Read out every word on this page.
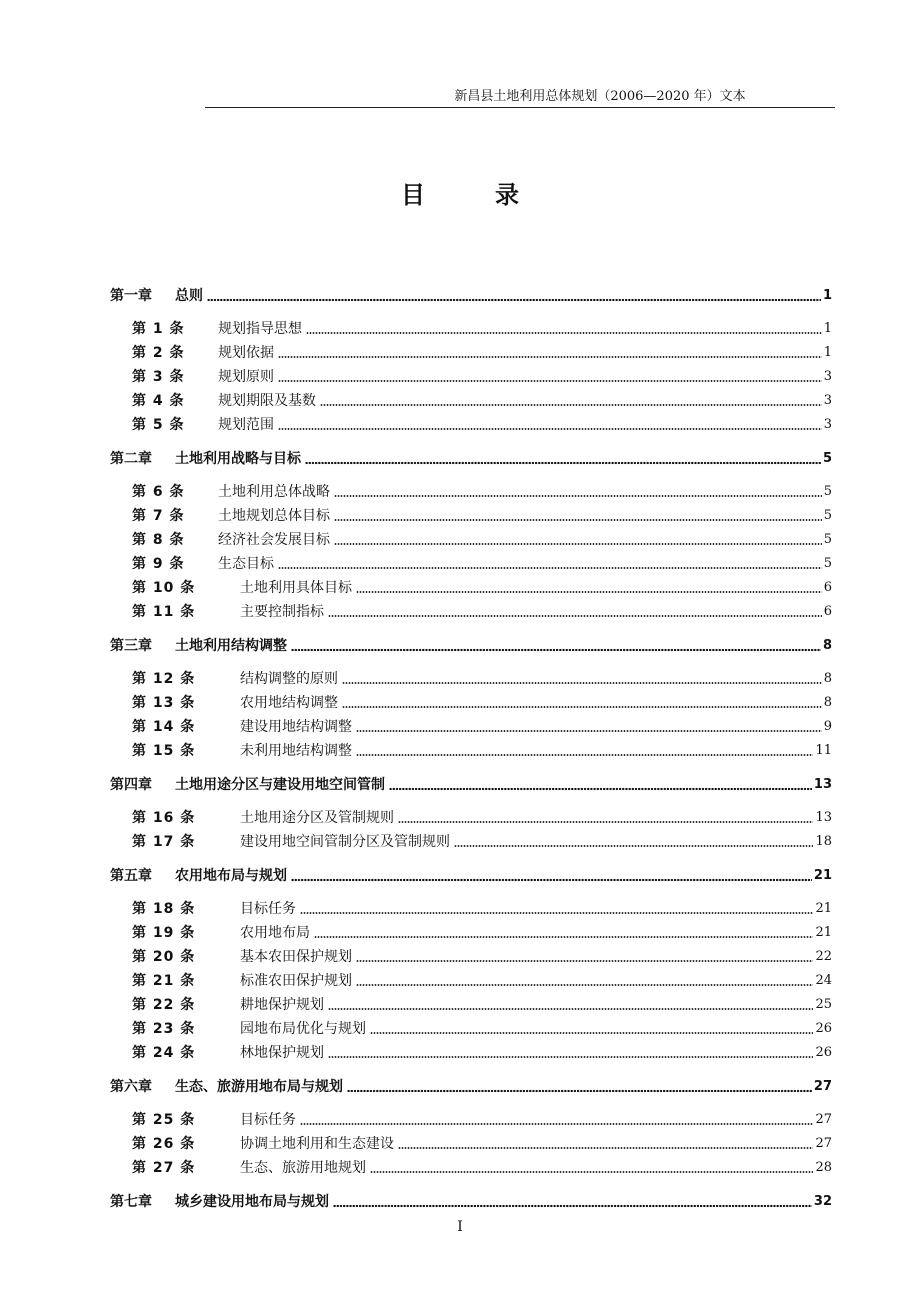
新昌县土地利用总体规划（2006—2020 年）文本
目	录
第一章	总则	1
第 1 条	规划指导思想	1
第 2 条	规划依据	1
第 3 条	规划原则	3
第 4 条	规划期限及基数	3
第 5 条	规划范围	3
第二章	土地利用战略与目标	5
第 6 条	土地利用总体战略	5
第 7 条	土地规划总体目标	5
第 8 条	经济社会发展目标	5
第 9 条	生态目标	5
第 10 条	土地利用具体目标	6
第 11 条	主要控制指标	6
第三章	土地利用结构调整	8
第 12 条	结构调整的原则	8
第 13 条	农用地结构调整	8
第 14 条	建设用地结构调整	9
第 15 条	未利用地结构调整	11
第四章	土地用途分区与建设用地空间管制	13
第 16 条	土地用途分区及管制规则	13
第 17 条	建设用地空间管制分区及管制规则	18
第五章	农用地布局与规划	21
第 18 条	目标任务	21
第 19 条	农用地布局	21
第 20 条	基本农田保护规划	22
第 21 条	标准农田保护规划	24
第 22 条	耕地保护规划	25
第 23 条	园地布局优化与规划	26
第 24 条	林地保护规划	26
第六章	生态、旅游用地布局与规划	27
第 25 条	目标任务	27
第 26 条	协调土地利用和生态建设	27
第 27 条	生态、旅游用地规划	28
第七章	城乡建设用地布局与规划	32
I
